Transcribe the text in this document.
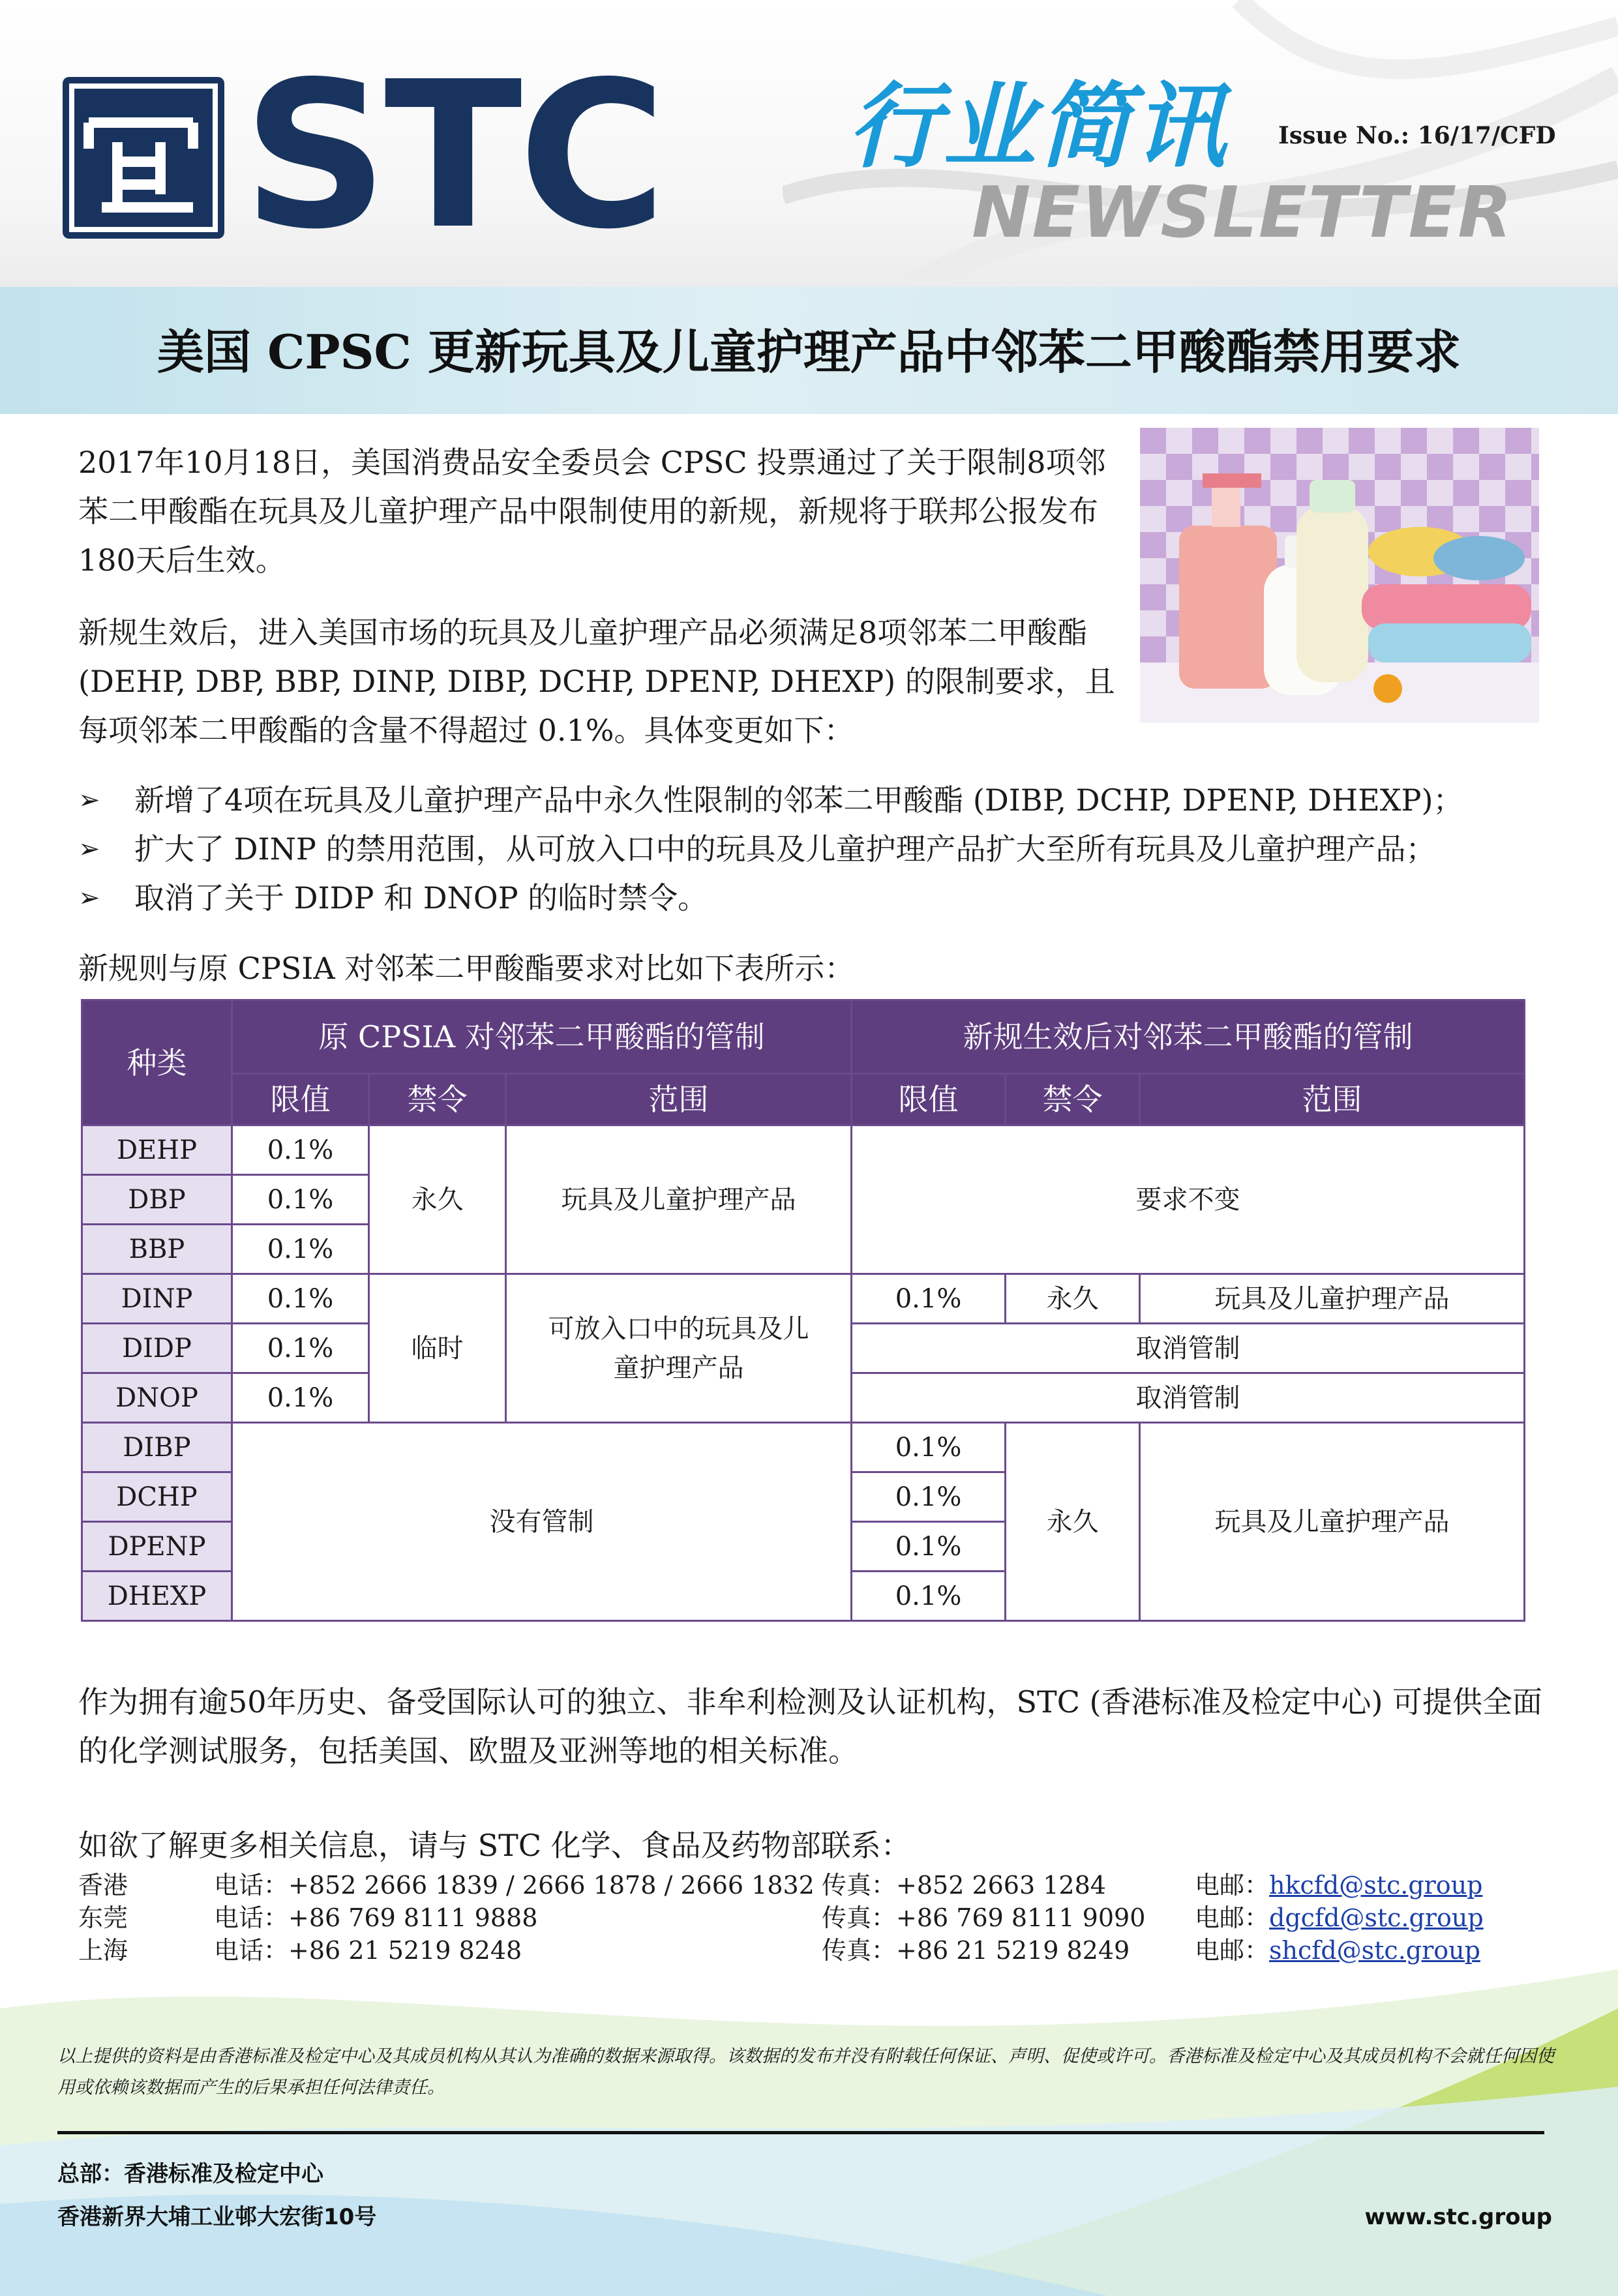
STC 行业简讯
NEWSLETTER
Issue No.: 16/17/CFD
美国 CPSC 更新玩具及儿童护理产品中邻苯二甲酸酯禁用要求

2017年10月18日，美国消费品安全委员会 CPSC 投票通过了关于限制8项邻苯二甲酸酯在玩具及儿童护理产品中限制使用的新规，新规将于联邦公报发布180天后生效。

新规生效后，进入美国市场的玩具及儿童护理产品必须满足8项邻苯二甲酸酯 (DEHP, DBP, BBP, DINP, DIBP, DCHP, DPENP, DHEXP) 的限制要求，且每项邻苯二甲酸酯的含量不得超过 0.1%。具体变更如下：

➢ 新增了4项在玩具及儿童护理产品中永久性限制的邻苯二甲酸酯 (DIBP, DCHP, DPENP, DHEXP)；
➢ 扩大了 DINP 的禁用范围，从可放入口中的玩具及儿童护理产品扩大至所有玩具及儿童护理产品；
➢ 取消了关于 DIDP 和 DNOP 的临时禁令。

新规则与原 CPSIA 对邻苯二甲酸酯要求对比如下表所示：

种类	原 CPSIA 对邻苯二甲酸酯的管制			新规生效后对邻苯二甲酸酯的管制		
	限值	禁令	范围	限值	禁令	范围
DEHP	0.1%	永久	玩具及儿童护理产品	要求不变		
DBP	0.1%					
BBP	0.1%					
DINP	0.1%	临时	可放入口中的玩具及儿童护理产品	0.1%	永久	玩具及儿童护理产品
DIDP	0.1%			取消管制		
DNOP	0.1%			取消管制		
DIBP	没有管制			0.1%	永久	玩具及儿童护理产品
DCHP				0.1%		
DPENP				0.1%		
DHEXP				0.1%		

作为拥有逾50年历史、备受国际认可的独立、非牟利检测及认证机构，STC (香港标准及检定中心) 可提供全面的化学测试服务，包括美国、欧盟及亚洲等地的相关标准。

如欲了解更多相关信息，请与 STC 化学、食品及药物部联系：

香港	电话：+852 2666 1839 / 2666 1878 / 2666 1832 传真：+852 2663 1284	电邮：hkcfd@stc.group
东莞	电话：+86 769 8111 9888	传真：+86 769 8111 9090 电邮：dgcfd@stc.group
上海	电话：+86 21 5219 8248	传真：+86 21 5219 8249	电邮：shcfd@stc.group
以上提供的资料是由香港标准及检定中心及其成员机构从其认为准确的数据来源取得。该数据的发布并没有附载任何保证、声明、促使或许可。香港标准及检定中心及其成员机构不会就任何因使用或依赖该数据而产生的后果承担任何法律责任。
总部：香港标准及检定中心
香港新界大埔工业邨大宏街10号	www.stc.group
